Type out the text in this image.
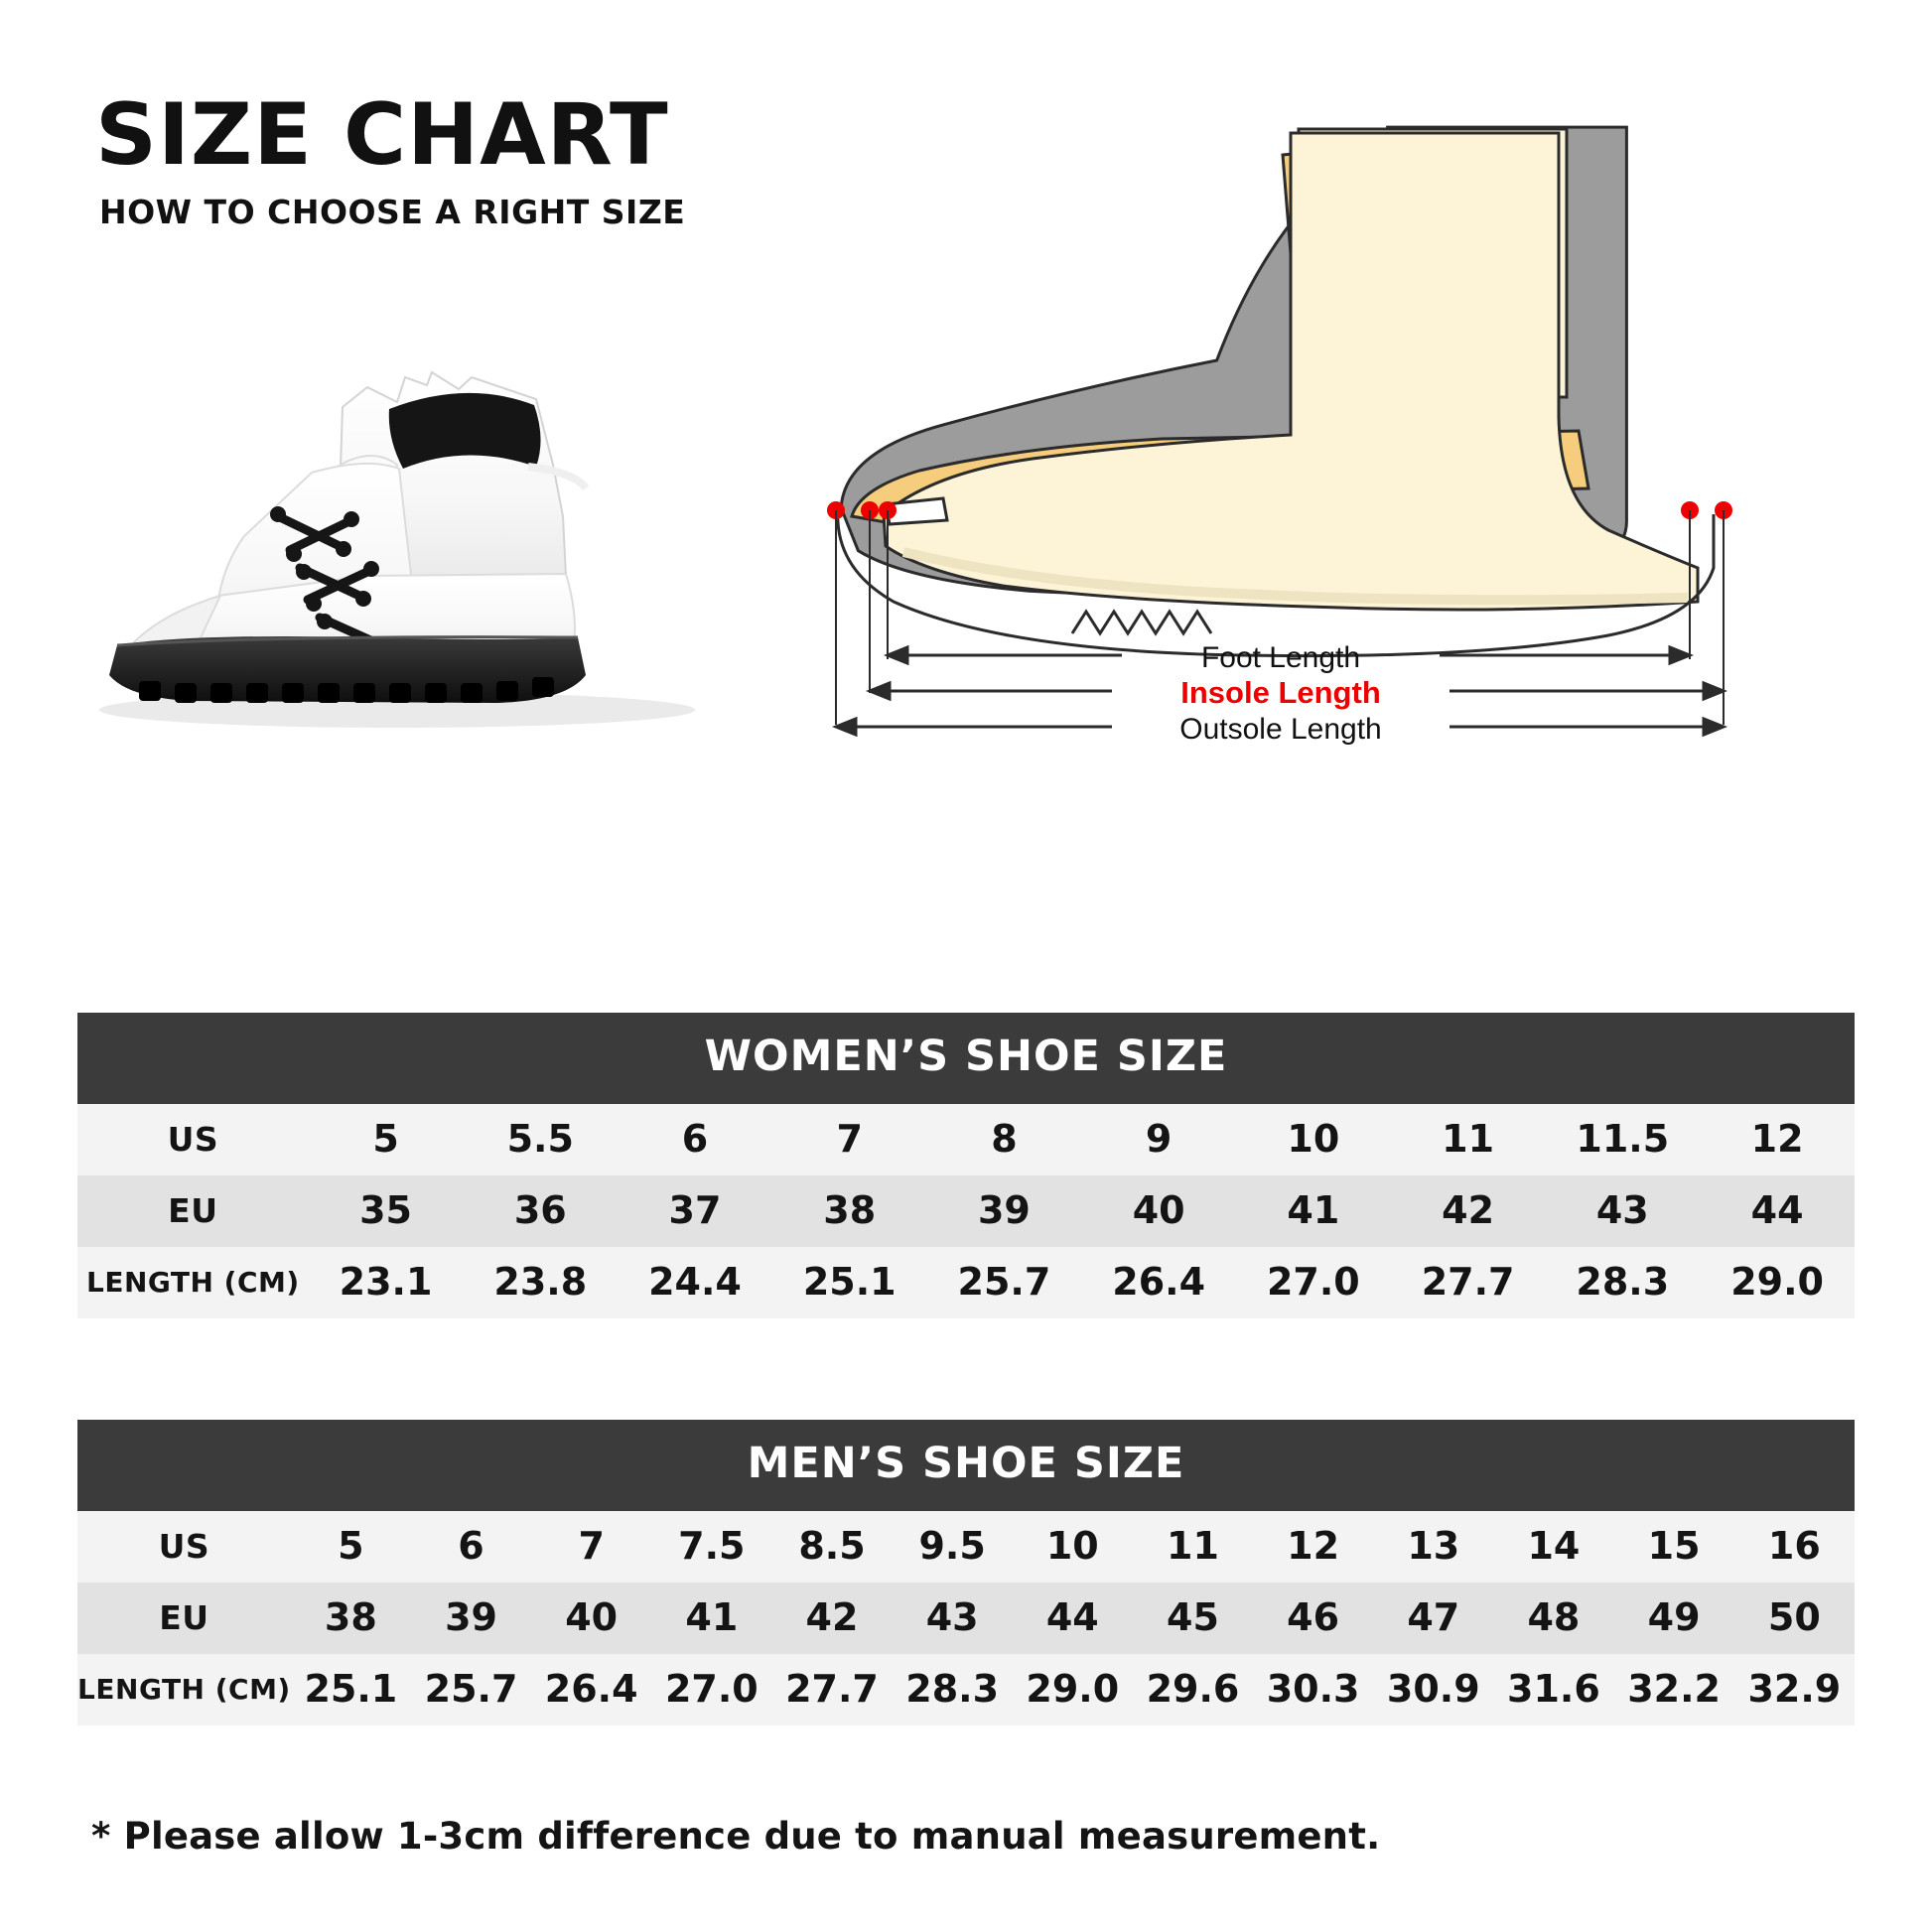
SIZE CHART
HOW TO CHOOSE A RIGHT SIZE
Foot Length
Insole Length
Outsole Length
WOMEN’S SHOE SIZE
US	5	5.5	6	7	8	9	10	11	11.5	12
EU	35	36	37	38	39	40	41	42	43	44
LENGTH (CM)	23.1	23.8	24.4	25.1	25.7	26.4	27.0	27.7	28.3	29.0
MEN’S SHOE SIZE
US	5	6	7	7.5	8.5	9.5	10	11	12	13	14	15	16
EU	38	39	40	41	42	43	44	45	46	47	48	49	50
LENGTH (CM)	25.1	25.7	26.4	27.0	27.7	28.3	29.0	29.6	30.3	30.9	31.6	32.2	32.9
* Please allow 1-3cm difference due to manual measurement.
